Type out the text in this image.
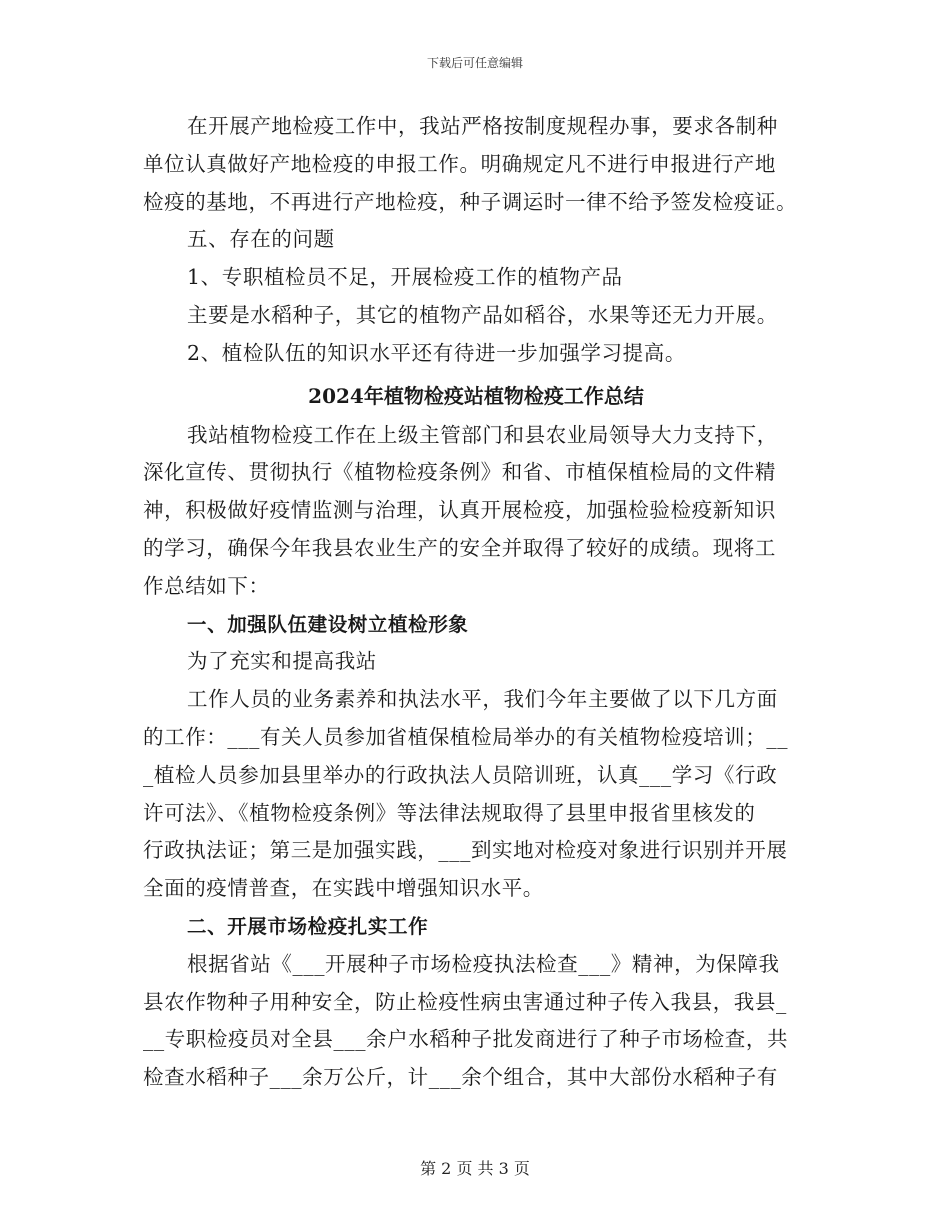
下载后可任意编辑
在开展产地检疫工作中，我站严格按制度规程办事，要求各制种
单位认真做好产地检疫的申报工作。明确规定凡不进行申报进行产地
检疫的基地，不再进行产地检疫，种子调运时一律不给予签发检疫证。
五、存在的问题
1、专职植检员不足，开展检疫工作的植物产品
主要是水稻种子，其它的植物产品如稻谷，水果等还无力开展。
2、植检队伍的知识水平还有待进一步加强学习提高。
2024年植物检疫站植物检疫工作总结
我站植物检疫工作在上级主管部门和县农业局领导大力支持下，
深化宣传、贯彻执行《植物检疫条例》和省、市植保植检局的文件精
神，积极做好疫情监测与治理，认真开展检疫，加强检验检疫新知识
的学习，确保今年我县农业生产的安全并取得了较好的成绩。现将工
作总结如下：
一、加强队伍建设树立植检形象
为了充实和提高我站
工作人员的业务素养和执法水平，我们今年主要做了以下几方面
的工作：___有关人员参加省植保植检局举办的有关植物检疫培训；__
_植检人员参加县里举办的行政执法人员陪训班，认真___学习《行政
许可法》、《植物检疫条例》等法律法规取得了县里申报省里核发的
行政执法证；第三是加强实践，___到实地对检疫对象进行识别并开展
全面的疫情普查，在实践中增强知识水平。
二、开展市场检疫扎实工作
根据省站《___开展种子市场检疫执法检查___》精神，为保障我
县农作物种子用种安全，防止检疫性病虫害通过种子传入我县，我县_
__专职检疫员对全县___余户水稻种子批发商进行了种子市场检查，共
检查水稻种子___余万公斤，计___余个组合，其中大部份水稻种子有
第 2 页 共 3 页
